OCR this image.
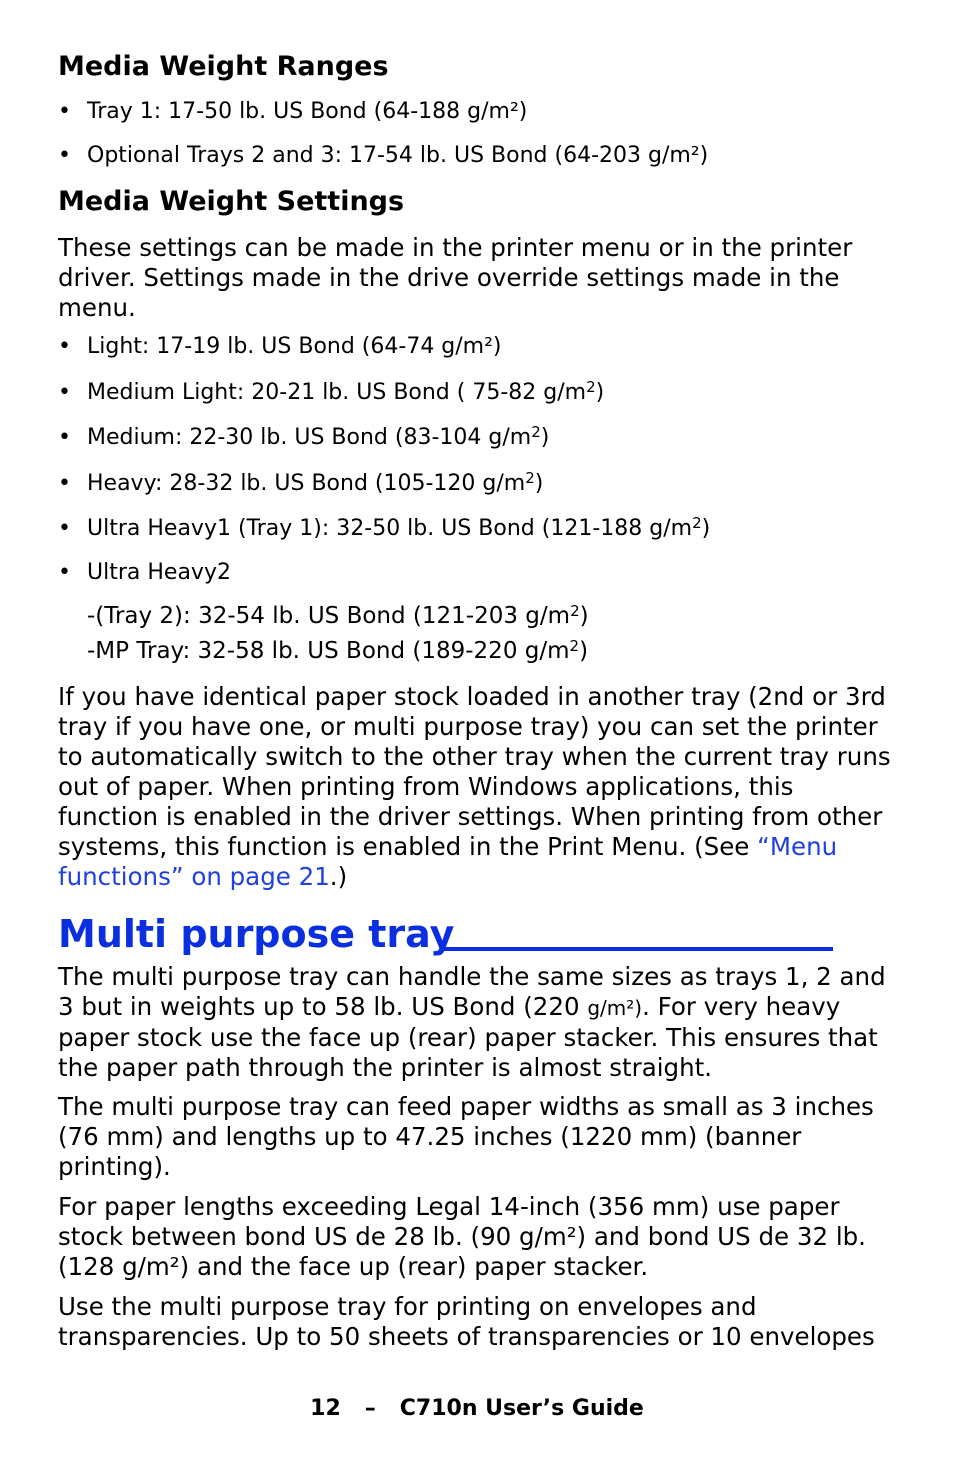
Media Weight Ranges
• Tray 1: 17-50 lb. US Bond (64-188 g/m²)
• Optional Trays 2 and 3: 17-54 lb. US Bond (64-203 g/m²)
Media Weight Settings

These settings can be made in the printer menu or in the printer driver. Settings made in the drive override settings made in the menu.

• Light: 17-19 lb. US Bond (64-74 g/m²)
• Medium Light: 20-21 lb. US Bond ( 75-82 $g/m^2$)
• Medium: 22-30 lb. US Bond (83-104 $g/m^2$)
• Heavy: 28-32 lb. US Bond (105-120 $g/m^2$)
• Ultra Heavy1 (Tray 1): 32-50 lb. US Bond (121-188 $g/m^2$)
• Ultra Heavy2
-(Tray 2): 32-54 lb. US Bond (121-203 $g/m^2$)
-MP Tray: 32-58 lb. US Bond (189-220 $g/m^2$)

If you have identical paper stock loaded in another tray (2nd or 3rd tray if you have one, or multi purpose tray) you can set the printer to automatically switch to the other tray when the current tray runs out of paper. When printing from Windows applications, this function is enabled in the driver settings. When printing from other systems, this function is enabled in the Print Menu. (See “Menu functions” on page 21.)

Multi purpose tray

The multi purpose tray can handle the same sizes as trays 1, 2 and 3 but in weights up to 58 lb. US Bond (220 g/m²). For very heavy paper stock use the face up (rear) paper stacker. This ensures that the paper path through the printer is almost straight.

The multi purpose tray can feed paper widths as small as 3 inches (76 mm) and lengths up to 47.25 inches (1220 mm) (banner printing).

For paper lengths exceeding Legal 14-inch (356 mm) use paper stock between bond US de 28 lb. (90 g/m²) and bond US de 32 lb. (128 g/m²) and the face up (rear) paper stacker.

Use the multi purpose tray for printing on envelopes and transparencies. Up to 50 sheets of transparencies or 10 envelopes

12 – C710n User’s Guide
